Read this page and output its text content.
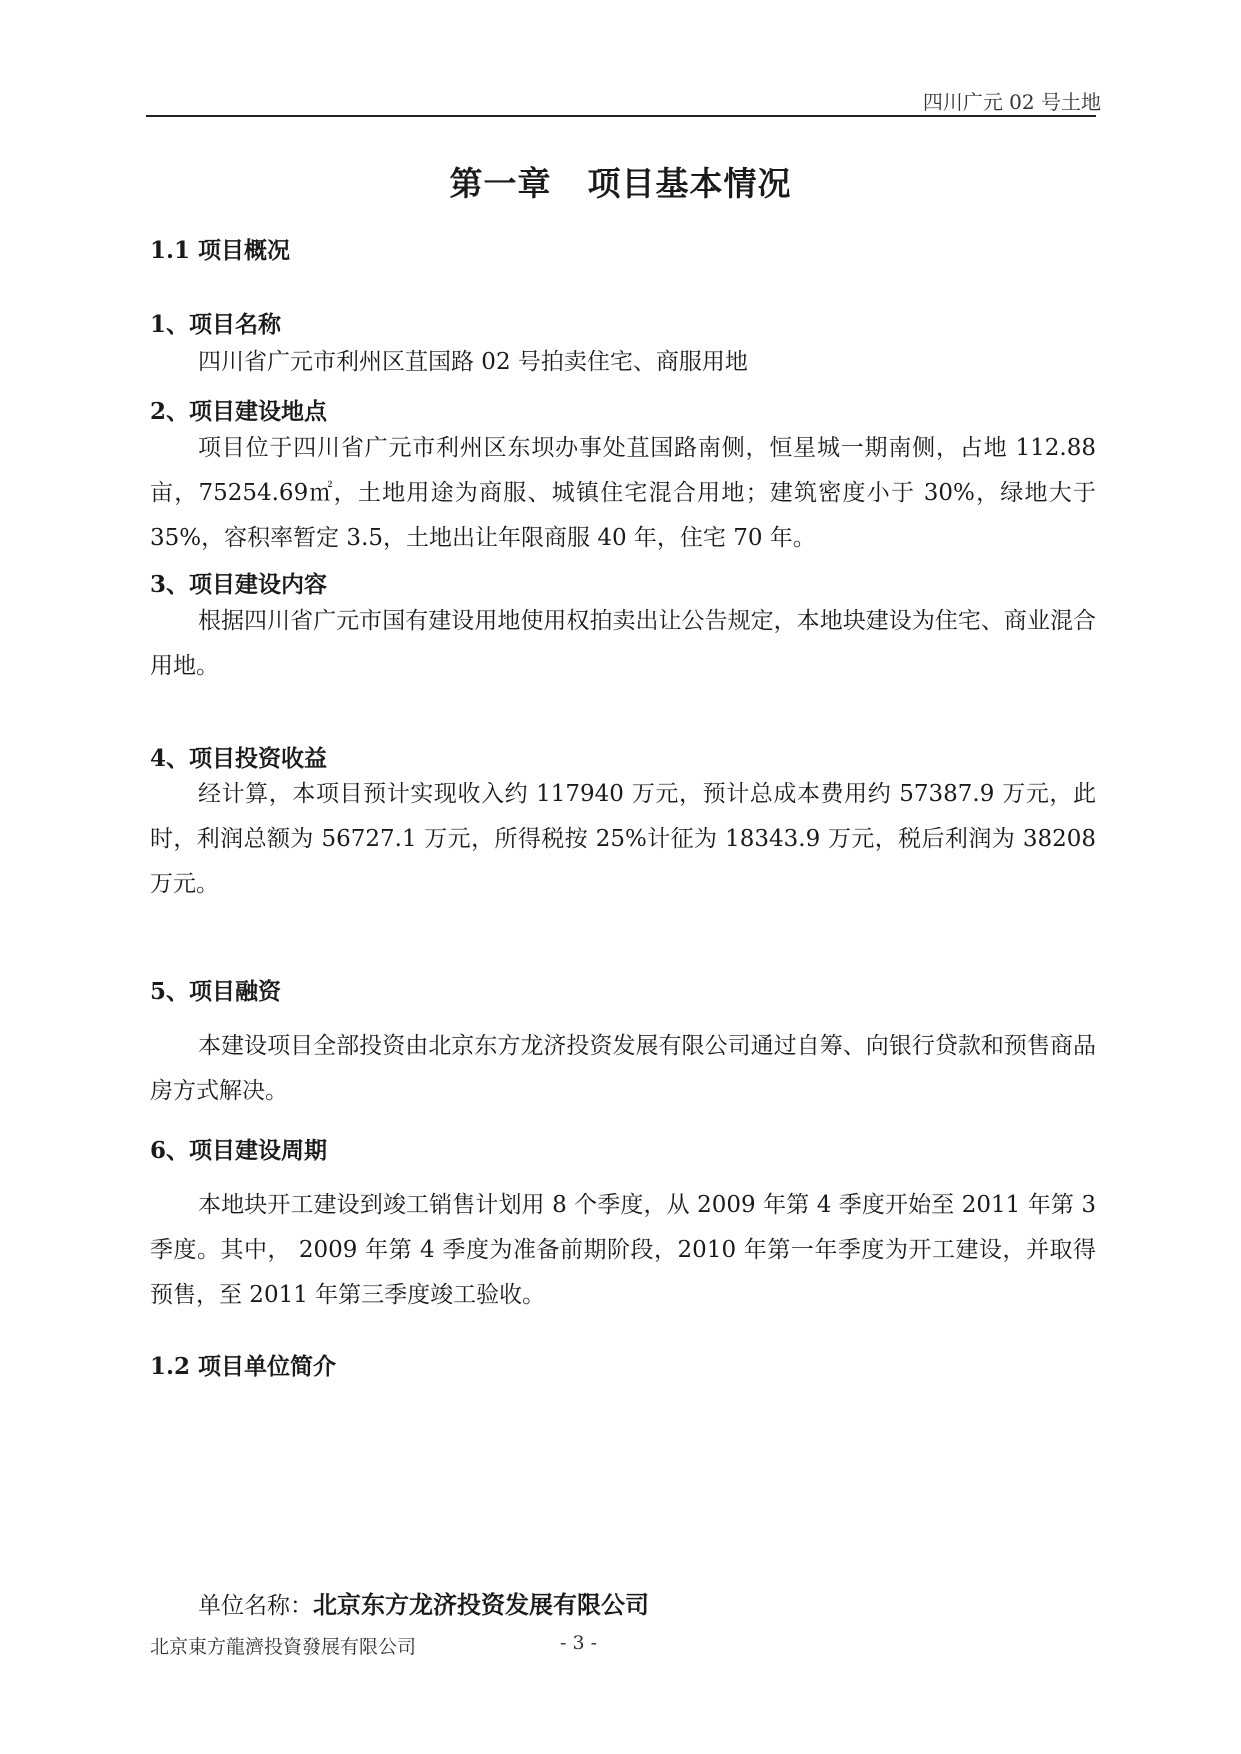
四川广元 02 号土地
第一章 项目基本情况
1.1 项目概况
1、项目名称
四川省广元市利州区苴国路 02 号拍卖住宅、商服用地
2、项目建设地点
项目位于四川省广元市利州区东坝办事处苴国路南侧，恒星城一期南侧，占地 112.88 亩，75254.69㎡，土地用途为商服、城镇住宅混合用地；建筑密度小于 30%，绿地大于 35%，容积率暂定 3.5，土地出让年限商服 40 年，住宅 70 年。
3、项目建设内容
根据四川省广元市国有建设用地使用权拍卖出让公告规定，本地块建设为住宅、商业混合用地。
4、项目投资收益
经计算，本项目预计实现收入约 117940 万元，预计总成本费用约 57387.9 万元，此时，利润总额为 56727.1 万元，所得税按 25%计征为 18343.9 万元，税后利润为 38208 万元。
5、项目融资
本建设项目全部投资由北京东方龙济投资发展有限公司通过自筹、向银行贷款和预售商品房方式解决。
6、项目建设周期
本地块开工建设到竣工销售计划用 8 个季度，从 2009 年第 4 季度开始至 2011 年第 3 季度。其中， 2009 年第 4 季度为准备前期阶段，2010 年第一年季度为开工建设，并取得预售，至 2011 年第三季度竣工验收。
1.2 项目单位简介
单位名称：北京东方龙济投资发展有限公司
北京東方龍濟投資發展有限公司	- 3 -
